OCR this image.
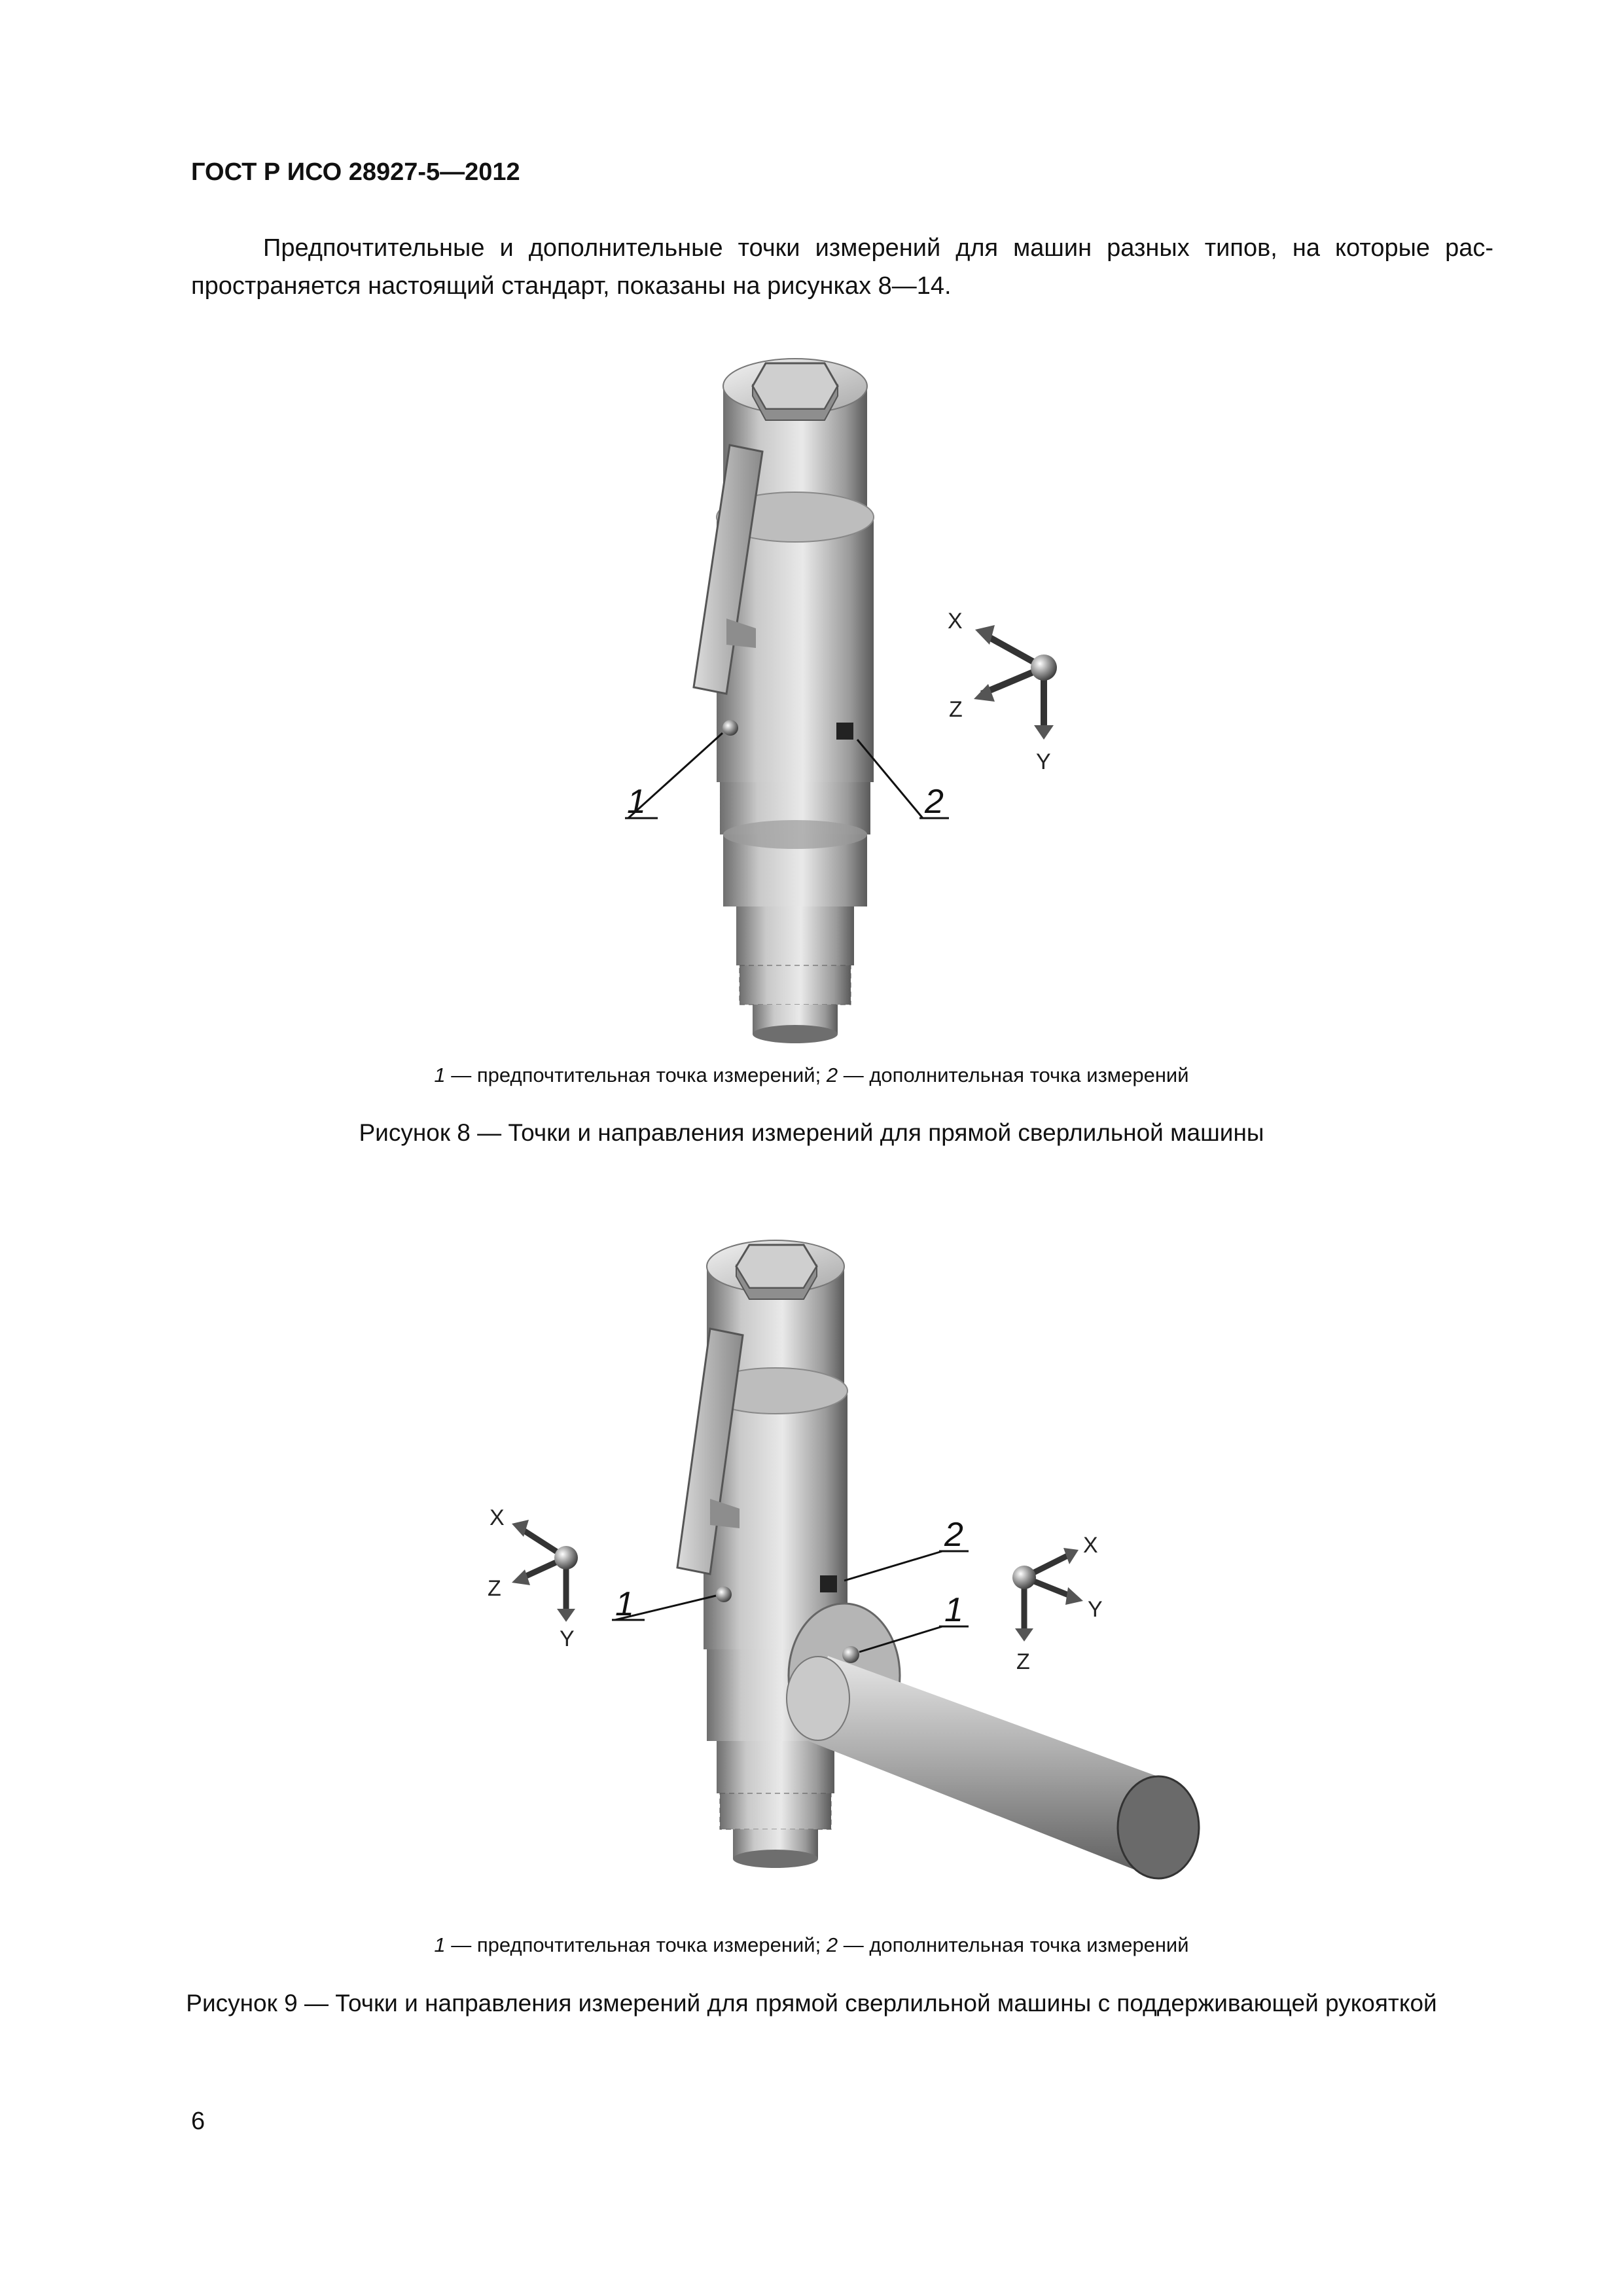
ГОСТ Р ИСО 28927-5—2012
Предпочтительные и дополнительные точки измерений для машин разных типов, на которые рас-
пространяется настоящий стандарт, показаны на рисунках 8—14.
1	2
X
Z
Y
1 — предпочтительная точка измерений; 2 — дополнительная точка измерений
Рисунок 8 — Точки и направления измерений для прямой сверлильной машины
1
2
1
X
Z
Y
X
Y
Z
1 — предпочтительная точка измерений; 2 — дополнительная точка измерений
Рисунок 9 — Точки и направления измерений для прямой сверлильной машины с поддерживающей рукояткой
6
